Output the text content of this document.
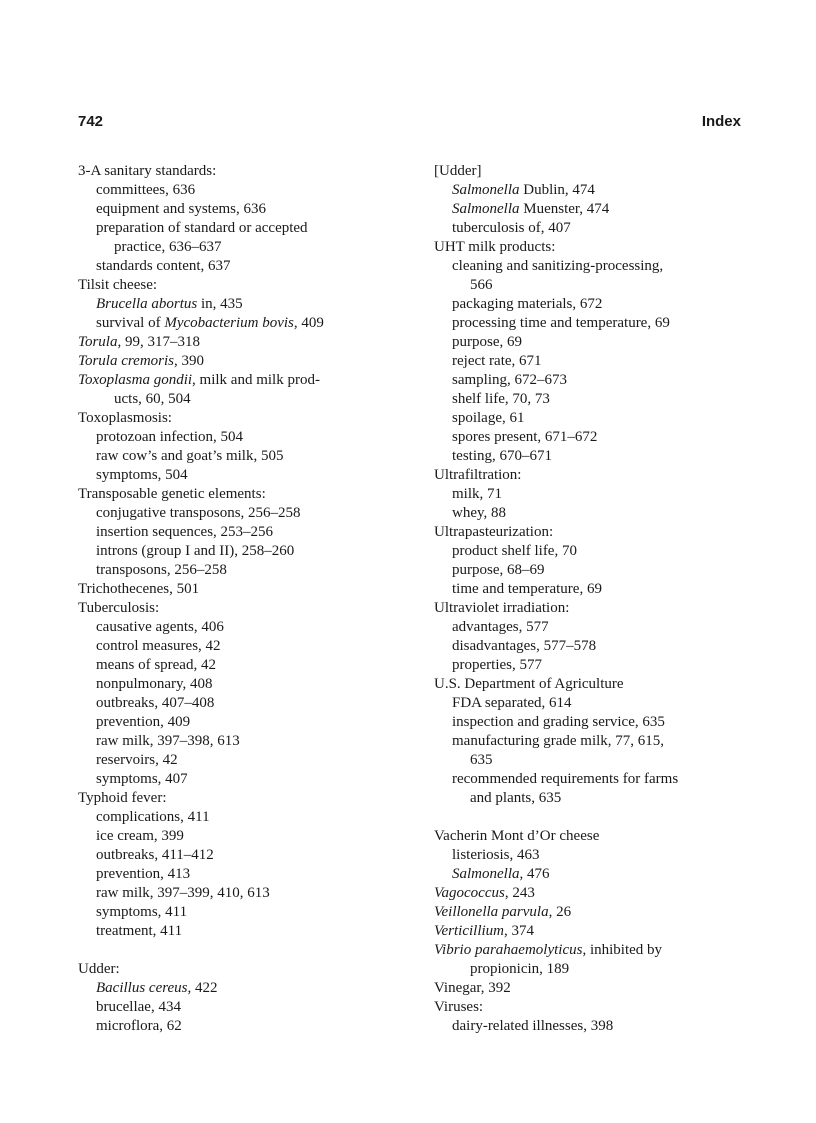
742	Index
3-A sanitary standards:
committees, 636
equipment and systems, 636
preparation of standard or accepted
practice, 636–637
standards content, 637
Tilsit cheese:
Brucella abortus in, 435
survival of Mycobacterium bovis, 409
Torula, 99, 317–318
Torula cremoris, 390
Toxoplasma gondii, milk and milk prod-
ucts, 60, 504
Toxoplasmosis:
protozoan infection, 504
raw cow’s and goat’s milk, 505
symptoms, 504
Transposable genetic elements:
conjugative transposons, 256–258
insertion sequences, 253–256
introns (group I and II), 258–260
transposons, 256–258
Trichothecenes, 501
Tuberculosis:
causative agents, 406
control measures, 42
means of spread, 42
nonpulmonary, 408
outbreaks, 407–408
prevention, 409
raw milk, 397–398, 613
reservoirs, 42
symptoms, 407
Typhoid fever:
complications, 411
ice cream, 399
outbreaks, 411–412
prevention, 413
raw milk, 397–399, 410, 613
symptoms, 411
treatment, 411
Udder:
Bacillus cereus, 422
brucellae, 434
microflora, 62
[Udder]
Salmonella Dublin, 474
Salmonella Muenster, 474
tuberculosis of, 407
UHT milk products:
cleaning and sanitizing-processing,
566
packaging materials, 672
processing time and temperature, 69
purpose, 69
reject rate, 671
sampling, 672–673
shelf life, 70, 73
spoilage, 61
spores present, 671–672
testing, 670–671
Ultrafiltration:
milk, 71
whey, 88
Ultrapasteurization:
product shelf life, 70
purpose, 68–69
time and temperature, 69
Ultraviolet irradiation:
advantages, 577
disadvantages, 577–578
properties, 577
U.S. Department of Agriculture
FDA separated, 614
inspection and grading service, 635
manufacturing grade milk, 77, 615,
635
recommended requirements for farms
and plants, 635
Vacherin Mont d’Or cheese
listeriosis, 463
Salmonella, 476
Vagococcus, 243
Veillonella parvula, 26
Verticillium, 374
Vibrio parahaemolyticus, inhibited by
propionicin, 189
Vinegar, 392
Viruses:
dairy-related illnesses, 398
